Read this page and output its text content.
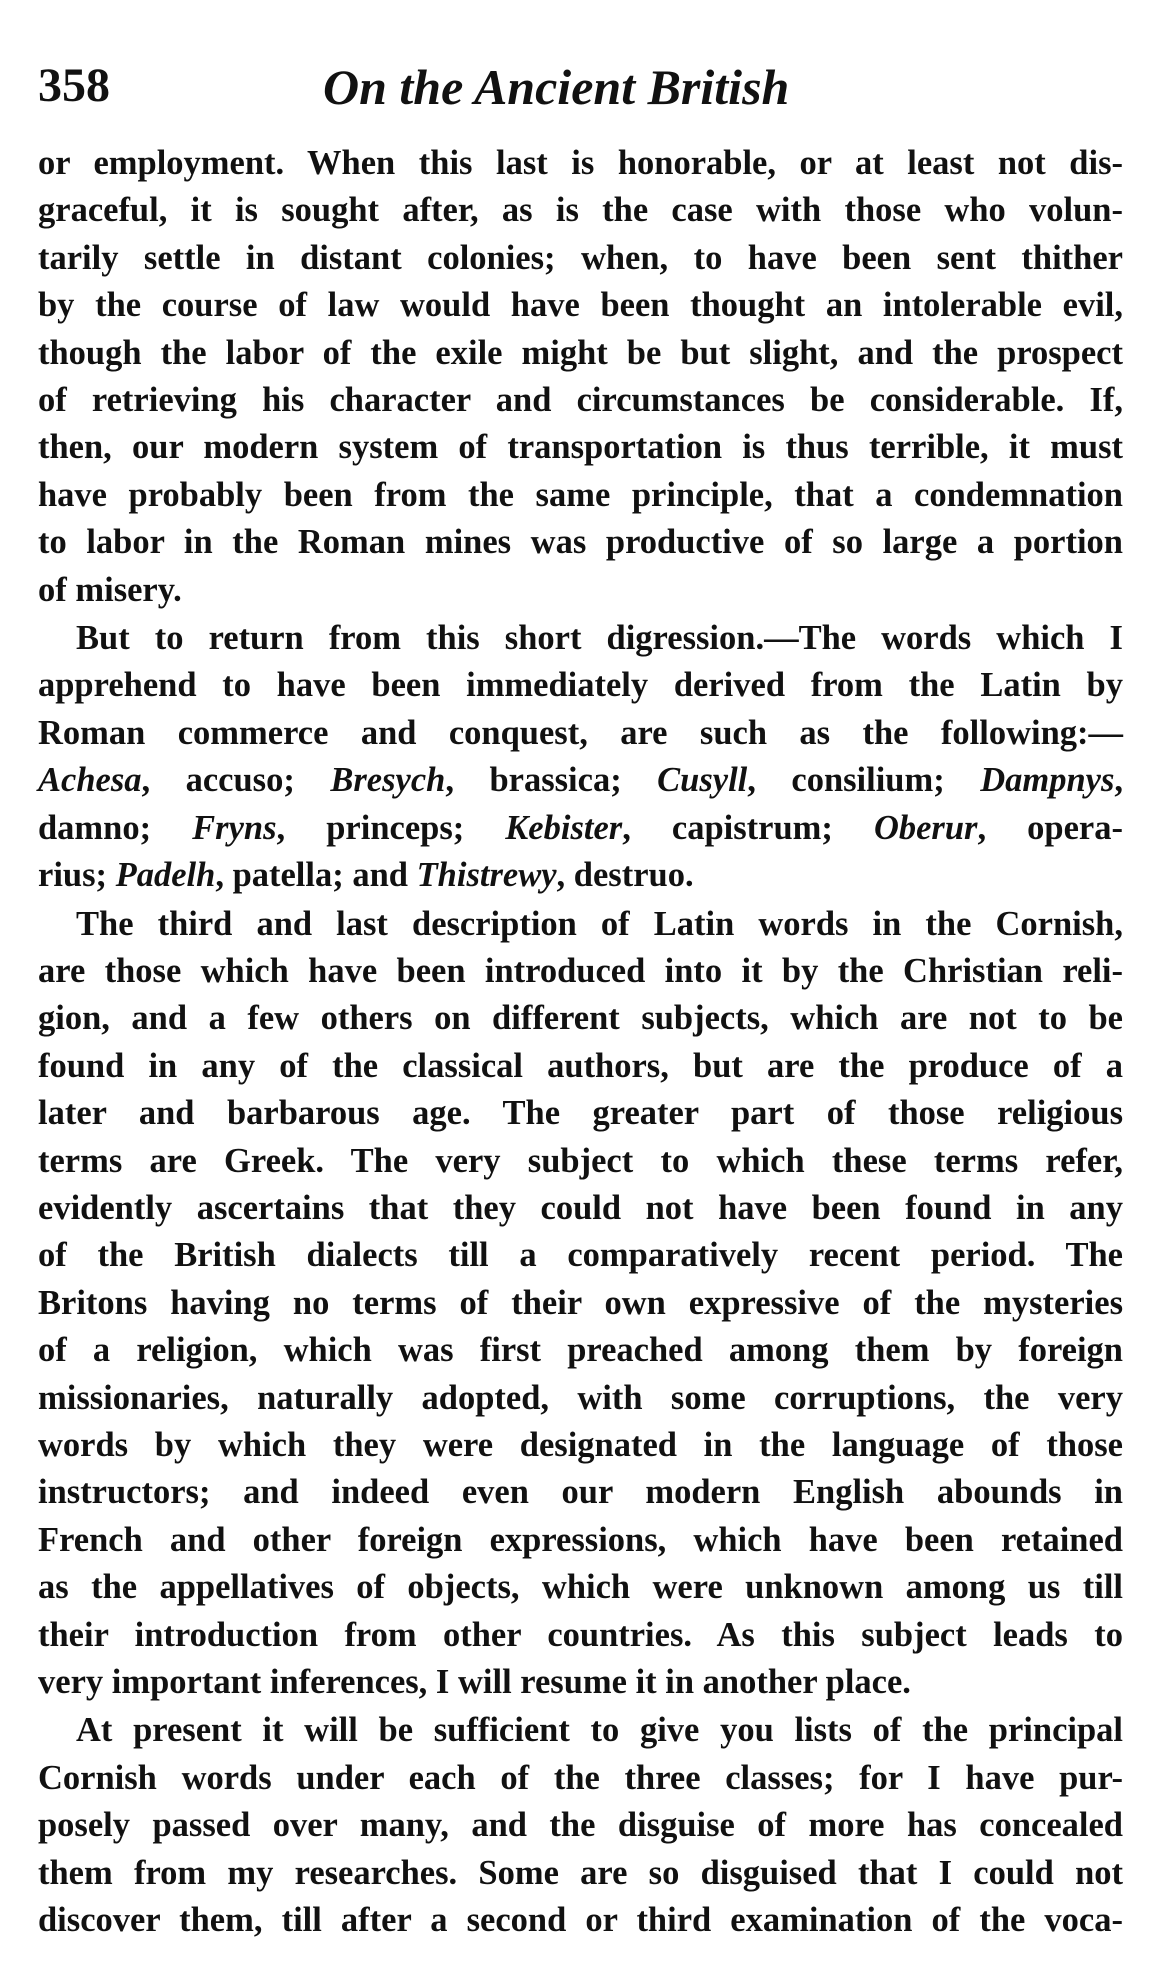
358	On the Ancient British
or employment. When this last is honorable, or at least not dis-
graceful, it is sought after, as is the case with those who volun-
tarily settle in distant colonies; when, to have been sent thither
by the course of law would have been thought an intolerable evil,
though the labor of the exile might be but slight, and the prospect
of retrieving his character and circumstances be considerable. If,
then, our modern system of transportation is thus terrible, it must
have probably been from the same principle, that a condemnation
to labor in the Roman mines was productive of so large a portion
of misery.
But to return from this short digression.—The words which I
apprehend to have been immediately derived from the Latin by
Roman commerce and conquest, are such as the following:—
Achesa, accuso; Bresych, brassica; Cusyll, consilium; Dampnys,
damno; Fryns, princeps; Kebister, capistrum; Oberur, opera-
rius; Padelh, patella; and Thistrewy, destruo.
The third and last description of Latin words in the Cornish,
are those which have been introduced into it by the Christian reli-
gion, and a few others on different subjects, which are not to be
found in any of the classical authors, but are the produce of a
later and barbarous age. The greater part of those religious
terms are Greek. The very subject to which these terms refer,
evidently ascertains that they could not have been found in any
of the British dialects till a comparatively recent period. The
Britons having no terms of their own expressive of the mysteries
of a religion, which was first preached among them by foreign
missionaries, naturally adopted, with some corruptions, the very
words by which they were designated in the language of those
instructors; and indeed even our modern English abounds in
French and other foreign expressions, which have been retained
as the appellatives of objects, which were unknown among us till
their introduction from other countries. As this subject leads to
very important inferences, I will resume it in another place.
At present it will be sufficient to give you lists of the principal
Cornish words under each of the three classes; for I have pur-
posely passed over many, and the disguise of more has concealed
them from my researches. Some are so disguised that I could not
discover them, till after a second or third examination of the voca-
